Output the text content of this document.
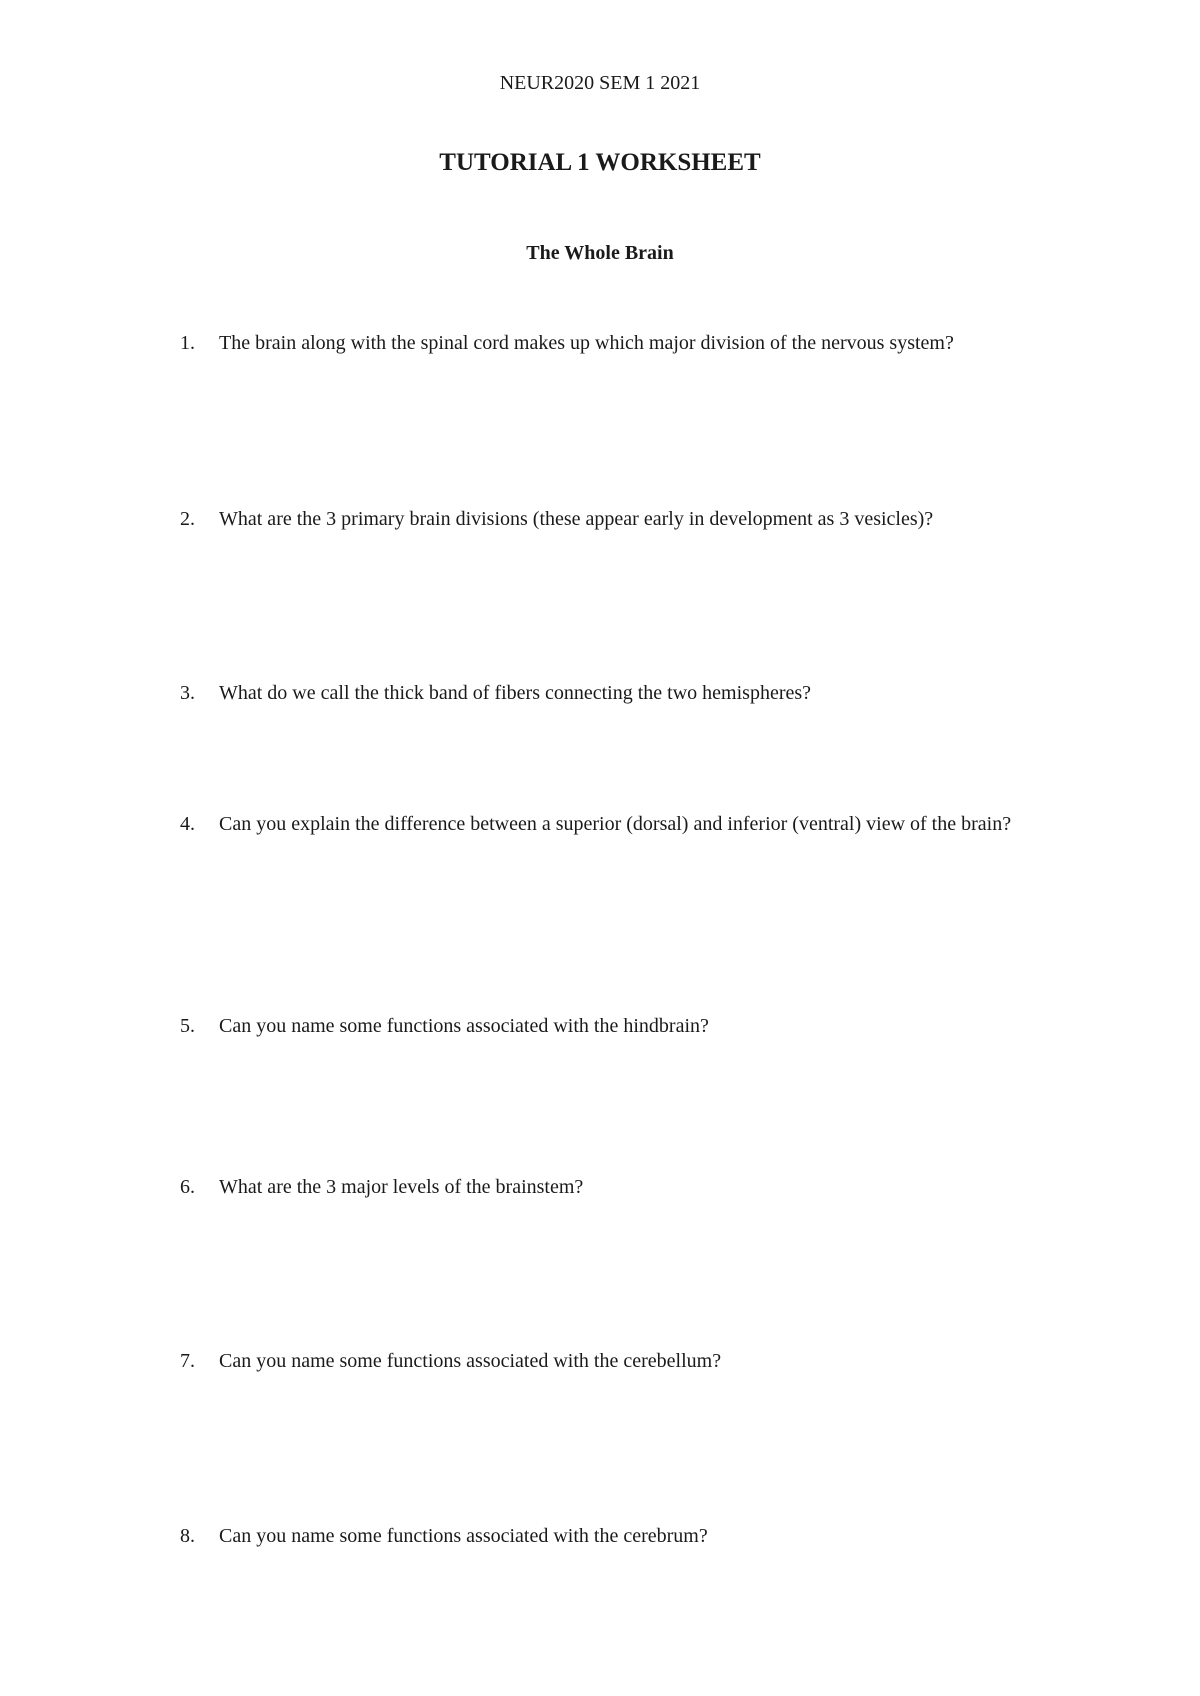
NEUR2020 SEM 1 2021
TUTORIAL 1 WORKSHEET
The Whole Brain
1.	The brain along with the spinal cord makes up which major division of the nervous system?
2.	What are the 3 primary brain divisions (these appear early in development as 3 vesicles)?
3.	What do we call the thick band of fibers connecting the two hemispheres?
4.	Can you explain the difference between a superior (dorsal) and inferior (ventral) view of the brain?
5.	Can you name some functions associated with the hindbrain?
6.	What are the 3 major levels of the brainstem?
7.	Can you name some functions associated with the cerebellum?
8.	Can you name some functions associated with the cerebrum?
